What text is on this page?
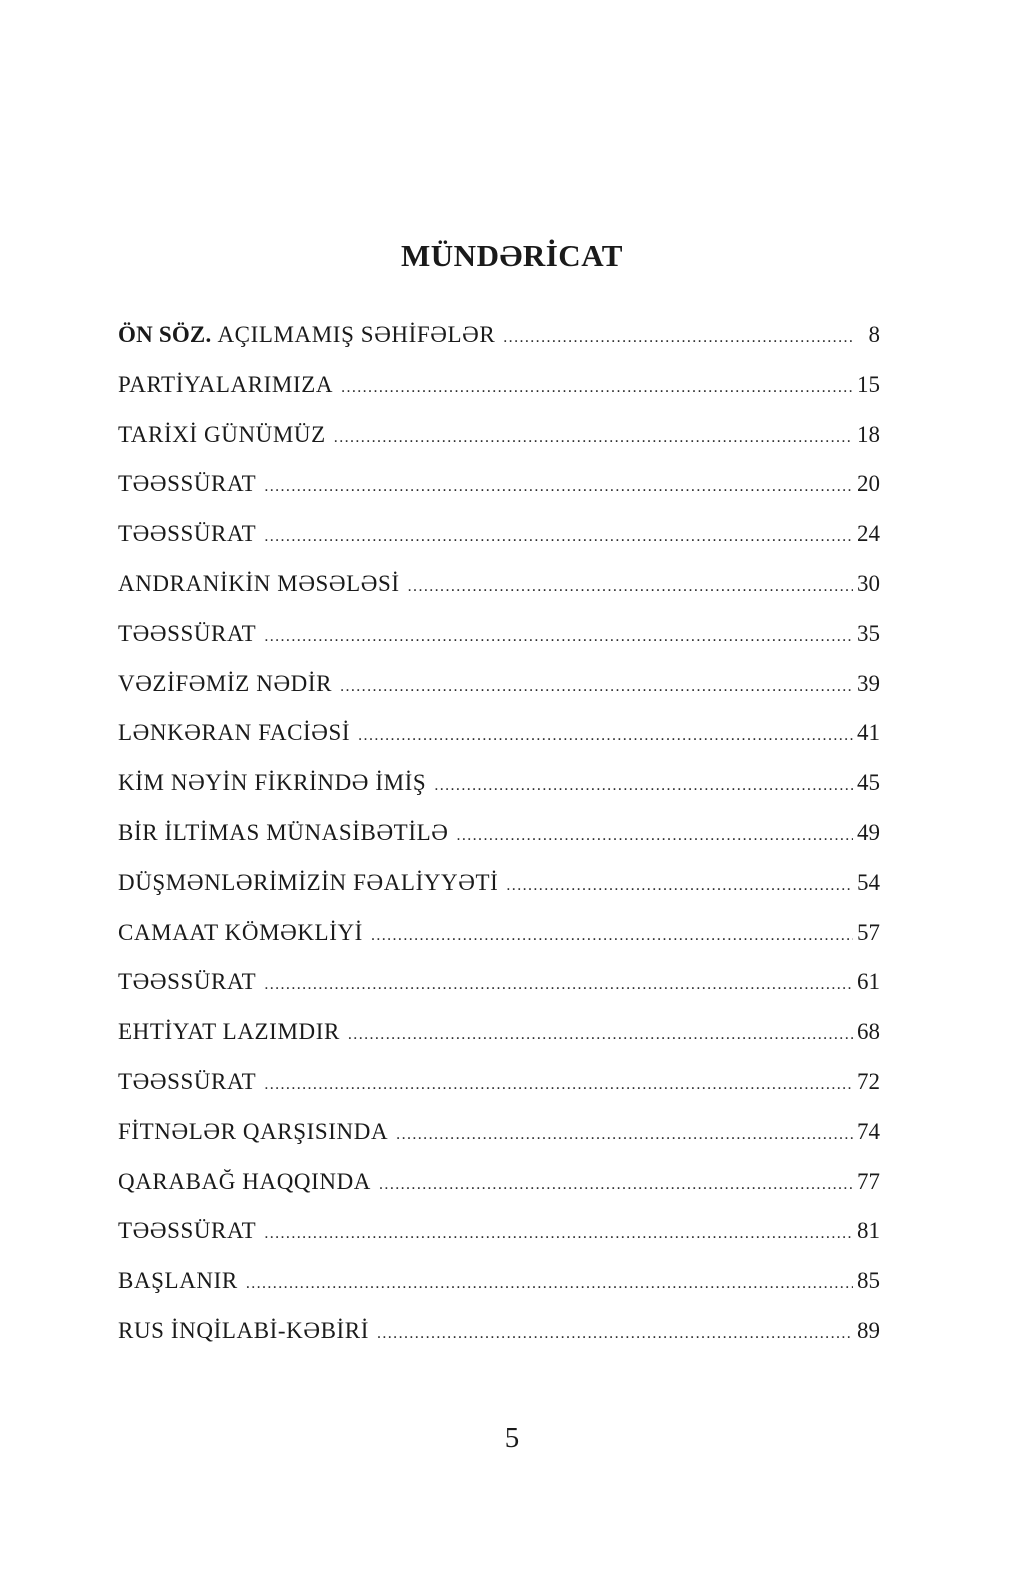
MÜNDƏRİCAT
ÖN SÖZ. AÇILMAMIŞ SƏHİFƏLƏR .....	8
PARTİYALARIMIZA .....	15
TARİXİ GÜNÜMÜZ .....	18
TƏƏSSÜRAT .....	20
TƏƏSSÜRAT .....	24
ANDRANİKİN MƏSƏLƏSİ .....	30
TƏƏSSÜRAT .....	35
VƏZİFƏMİZ NƏDİR .....	39
LƏNKƏRAN FACİƏSİ .....	41
KİM NƏYİN FİKRİNDƏ İMİŞ .....	45
BİR İLTİMAS MÜNASİBƏTİLƏ .....	49
DÜŞMƏNLƏRİMİZİN FƏALİYYƏTİ .....	54
CAMAAT KÖMƏKLİYİ .....	57
TƏƏSSÜRAT .....	61
EHTİYAT LAZIMDIR .....	68
TƏƏSSÜRAT .....	72
FİTNƏLƏR QARŞISINDA .....	74
QARABAĞ HAQQINDA .....	77
TƏƏSSÜRAT .....	81
BAŞLANIR .....	85
RUS İNQİLABİ-KƏBİRİ .....	89
5
